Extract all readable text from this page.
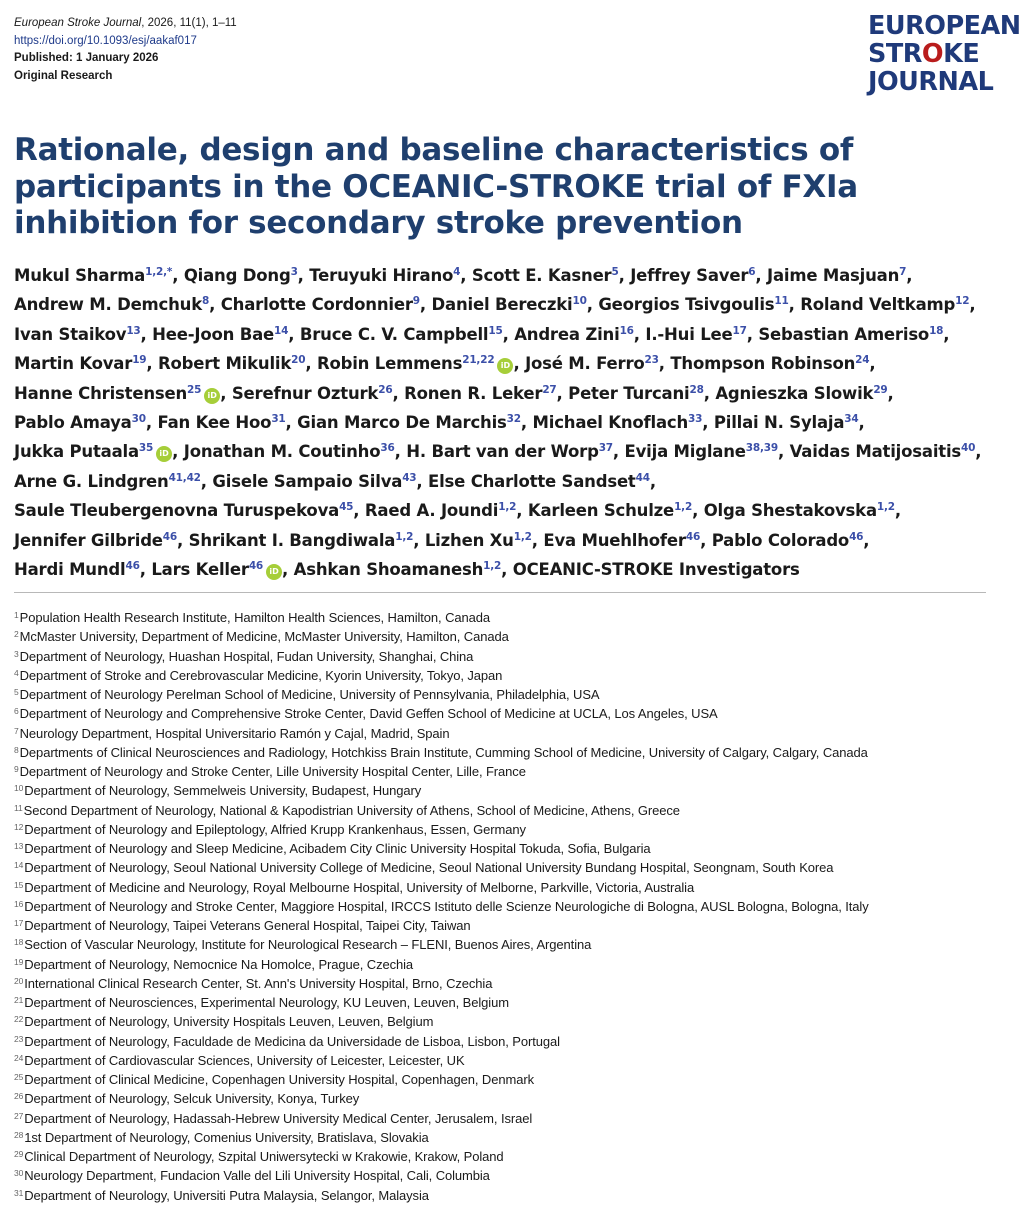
European Stroke Journal, 2026, 11(1), 1–11
https://doi.org/10.1093/esj/aakaf017
Published: 1 January 2026
Original Research
EUROPEAN
STROKE
JOURNAL
Rationale, design and baseline characteristics of participants in the OCEANIC-STROKE trial of FXIa inhibition for secondary stroke prevention
Mukul Sharma$^{1,2,*}$, Qiang Dong$^3$, Teruyuki Hirano$^4$, Scott E. Kasner$^5$, Jeffrey Saver$^6$, Jaime Masjuan$^7$, Andrew M. Demchuk$^8$, Charlotte Cordonnier$^9$, Daniel Bereczki$^{10}$, Georgios Tsivgoulis$^{11}$, Roland Veltkamp$^{12}$, Ivan Staikov$^{13}$, Hee-Joon Bae$^{14}$, Bruce C. V. Campbell$^{15}$, Andrea Zini$^{16}$, I.-Hui Lee$^{17}$, Sebastian Ameriso$^{18}$, Martin Kovar$^{19}$, Robert Mikulik$^{20}$, Robin Lemmens$^{21,22}$ iD , José M. Ferro$^{23}$, Thompson Robinson$^{24}$, Hanne Christensen$^{25}$ iD , Serefnur Ozturk$^{26}$, Ronen R. Leker$^{27}$, Peter Turcani$^{28}$, Agnieszka Slowik$^{29}$, Pablo Amaya$^{30}$, Fan Kee Hoo$^{31}$, Gian Marco De Marchis$^{32}$, Michael Knoflach$^{33}$, Pillai N. Sylaja$^{34}$, Jukka Putaala$^{35}$ iD , Jonathan M. Coutinho$^{36}$, H. Bart van der Worp$^{37}$, Evija Miglane$^{38,39}$, Vaidas Matijosaitis$^{40}$, Arne G. Lindgren$^{41,42}$, Gisele Sampaio Silva$^{43}$, Else Charlotte Sandset$^{44}$, Saule Tleubergenovna Turuspekova$^{45}$, Raed A. Joundi$^{1,2}$, Karleen Schulze$^{1,2}$, Olga Shestakovska$^{1,2}$, Jennifer Gilbride$^{46}$, Shrikant I. Bangdiwala$^{1,2}$, Lizhen Xu$^{1,2}$, Eva Muehlhofer$^{46}$, Pablo Colorado$^{46}$, Hardi Mundl$^{46}$, Lars Keller$^{46}$ iD , Ashkan Shoamanesh$^{1,2}$, OCEANIC-STROKE Investigators
$^1$Population Health Research Institute, Hamilton Health Sciences, Hamilton, Canada
$^2$McMaster University, Department of Medicine, McMaster University, Hamilton, Canada
$^3$Department of Neurology, Huashan Hospital, Fudan University, Shanghai, China
$^4$Department of Stroke and Cerebrovascular Medicine, Kyorin University, Tokyo, Japan
$^5$Department of Neurology Perelman School of Medicine, University of Pennsylvania, Philadelphia, USA
$^6$Department of Neurology and Comprehensive Stroke Center, David Geffen School of Medicine at UCLA, Los Angeles, USA
$^7$Neurology Department, Hospital Universitario Ramón y Cajal, Madrid, Spain
$^8$Departments of Clinical Neurosciences and Radiology, Hotchkiss Brain Institute, Cumming School of Medicine, University of Calgary, Calgary, Canada
$^9$Department of Neurology and Stroke Center, Lille University Hospital Center, Lille, France
$^{10}$Department of Neurology, Semmelweis University, Budapest, Hungary
$^{11}$Second Department of Neurology, National & Kapodistrian University of Athens, School of Medicine, Athens, Greece
$^{12}$Department of Neurology and Epileptology, Alfried Krupp Krankenhaus, Essen, Germany
$^{13}$Department of Neurology and Sleep Medicine, Acibadem City Clinic University Hospital Tokuda, Sofia, Bulgaria
$^{14}$Department of Neurology, Seoul National University College of Medicine, Seoul National University Bundang Hospital, Seongnam, South Korea
$^{15}$Department of Medicine and Neurology, Royal Melbourne Hospital, University of Melborne, Parkville, Victoria, Australia
$^{16}$Department of Neurology and Stroke Center, Maggiore Hospital, IRCCS Istituto delle Scienze Neurologiche di Bologna, AUSL Bologna, Bologna, Italy
$^{17}$Department of Neurology, Taipei Veterans General Hospital, Taipei City, Taiwan
$^{18}$Section of Vascular Neurology, Institute for Neurological Research – FLENI, Buenos Aires, Argentina
$^{19}$Department of Neurology, Nemocnice Na Homolce, Prague, Czechia
$^{20}$International Clinical Research Center, St. Ann's University Hospital, Brno, Czechia
$^{21}$Department of Neurosciences, Experimental Neurology, KU Leuven, Leuven, Belgium
$^{22}$Department of Neurology, University Hospitals Leuven, Leuven, Belgium
$^{23}$Department of Neurology, Faculdade de Medicina da Universidade de Lisboa, Lisbon, Portugal
$^{24}$Department of Cardiovascular Sciences, University of Leicester, Leicester, UK
$^{25}$Department of Clinical Medicine, Copenhagen University Hospital, Copenhagen, Denmark
$^{26}$Department of Neurology, Selcuk University, Konya, Turkey
$^{27}$Department of Neurology, Hadassah-Hebrew University Medical Center, Jerusalem, Israel
$^{28}$1st Department of Neurology, Comenius University, Bratislava, Slovakia
$^{29}$Clinical Department of Neurology, Szpital Uniwersytecki w Krakowie, Krakow, Poland
$^{30}$Neurology Department, Fundacion Valle del Lili University Hospital, Cali, Columbia
$^{31}$Department of Neurology, Universiti Putra Malaysia, Selangor, Malaysia
